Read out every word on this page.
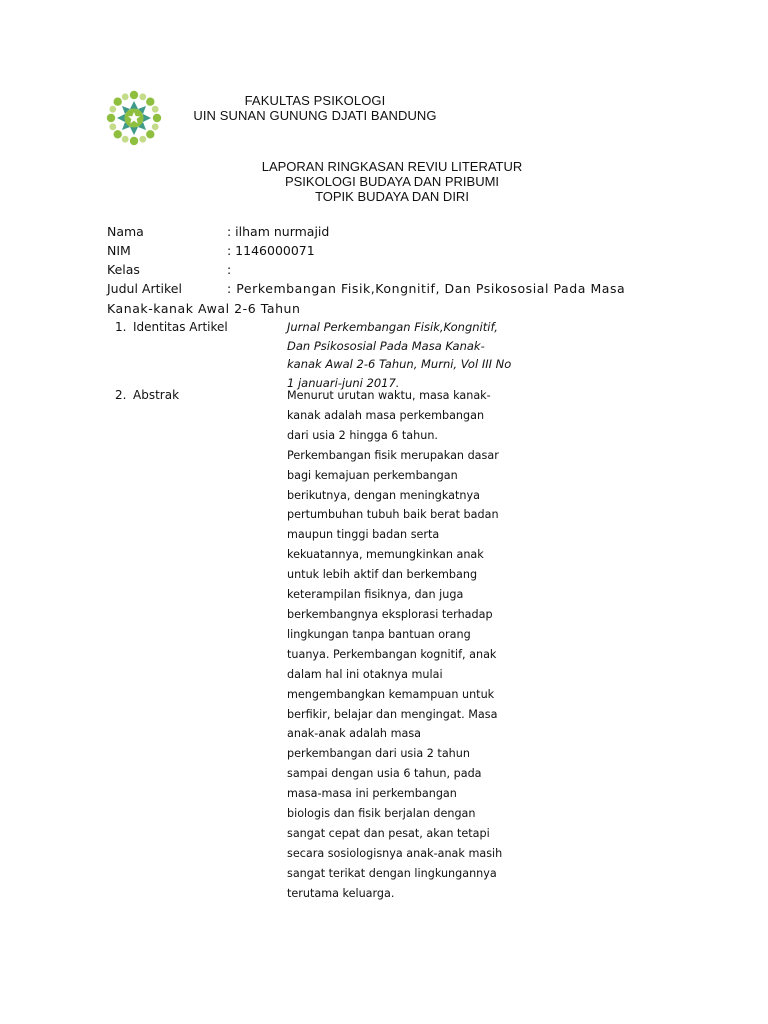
FAKULTAS PSIKOLOGI
UIN SUNAN GUNUNG DJATI BANDUNG
LAPORAN RINGKASAN REVIU LITERATUR
PSIKOLOGI BUDAYA DAN PRIBUMI
TOPIK BUDAYA DAN DIRI
Nama	: ilham nurmajid
NIM	: 1146000071
Kelas	:
Judul Artikel	: Perkembangan Fisik,Kongnitif, Dan Psikososial Pada Masa
Kanak-kanak Awal 2-6 Tahun
1. Identitas Artikel	Jurnal Perkembangan Fisik,Kongnitif, Dan Psikososial Pada Masa Kanak-kanak Awal 2-6 Tahun, Murni, Vol III No 1 januari-juni 2017.
2. Abstrak	Menurut urutan waktu, masa kanak-
kanak adalah masa perkembangan
dari usia 2 hingga 6 tahun.
Perkembangan fisik merupakan dasar
bagi kemajuan perkembangan
berikutnya, dengan meningkatnya
pertumbuhan tubuh baik berat badan
maupun tinggi badan serta
kekuatannya, memungkinkan anak
untuk lebih aktif dan berkembang
keterampilan fisiknya, dan juga
berkembangnya eksplorasi terhadap
lingkungan tanpa bantuan orang
tuanya. Perkembangan kognitif, anak
dalam hal ini otaknya mulai
mengembangkan kemampuan untuk
berfikir, belajar dan mengingat. Masa
anak-anak adalah masa
perkembangan dari usia 2 tahun
sampai dengan usia 6 tahun, pada
masa-masa ini perkembangan
biologis dan fisik berjalan dengan
sangat cepat dan pesat, akan tetapi
secara sosiologisnya anak-anak masih
sangat terikat dengan lingkungannya
terutama keluarga.
